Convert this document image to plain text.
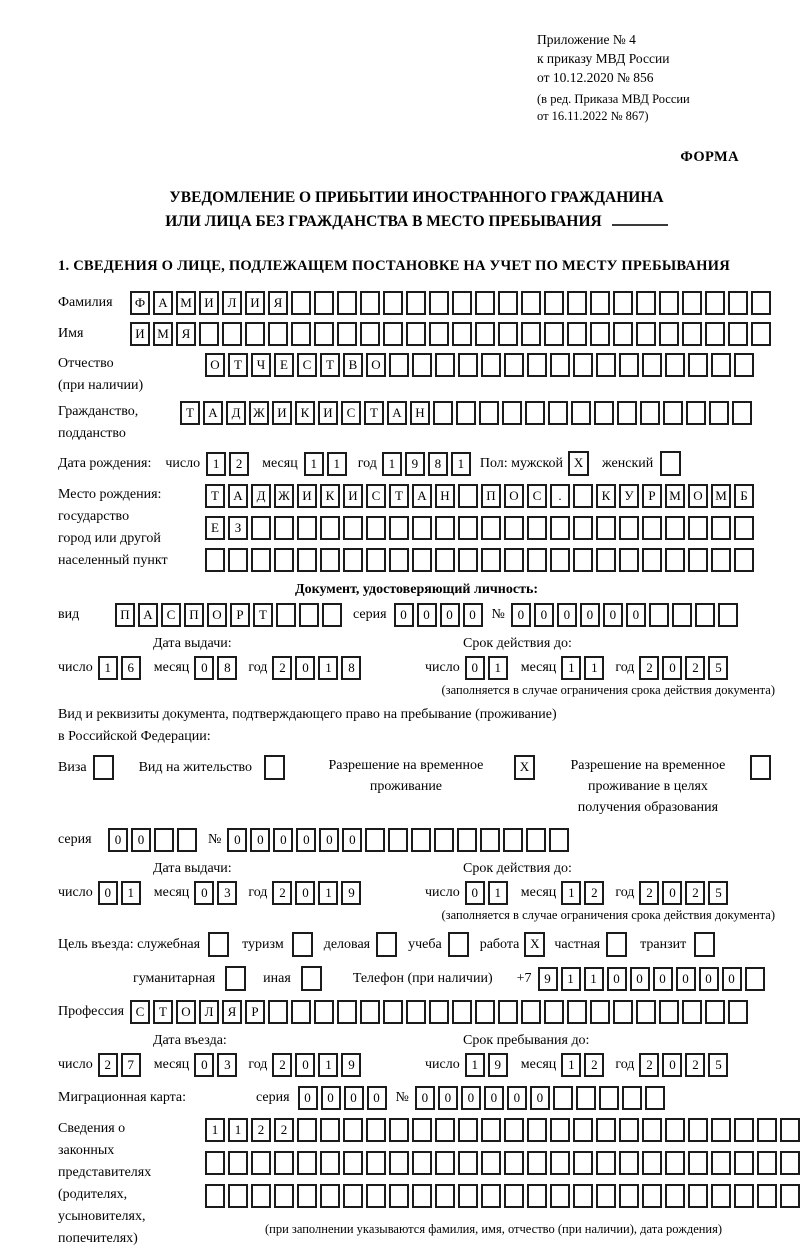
Приложение № 4
к приказу МВД России
от 10.12.2020 № 856
(в ред. Приказа МВД России
от 16.11.2022 № 867)
ФОРМА
УВЕДОМЛЕНИЕ О ПРИБЫТИИ ИНОСТРАННОГО ГРАЖДАНИНА
ИЛИ ЛИЦА БЕЗ ГРАЖДАНСТВА В МЕСТО ПРЕБЫВАНИЯ
1. СВЕДЕНИЯ О ЛИЦЕ, ПОДЛЕЖАЩЕМ ПОСТАНОВКЕ НА УЧЕТ ПО МЕСТУ ПРЕБЫВАНИЯ
Фамилия	Ф	А М И	Л	И	Я
Имя	И М Я
Отчество
(при наличии)
О	Т	Ч	Е	С	Т	В	О
Гражданство,
подданство
Т	А	Д Ж И	К	И	С	Т	А	Н
Дата рождения: число 1	2	месяц 1	1	год 1	9	8	1	Пол: мужской X	женский
Место рождения:
государство
город или другой
населенный пункт
Т	А	Д Ж И	К	И	С	Т	А	Н	П	О	С	.	К	У	Р	М О М	Б
Е	З
Документ, удостоверяющий личность:
вид	П	А	С	П	О	Р	Т	серия	0	0	0	0	№ 0	0	0	0	0	0
Дата выдачи:	Срок действия до:
число 1	6	месяц 0	8	год 2	0	1	8	число 0	1	месяц 1	1	год 2	0	2	5
(заполняется в случае ограничения срока действия документа)
Вид и реквизиты документа, подтверждающего право на пребывание (проживание)
в Российской Федерации:
Виза	Вид на жительство	Разрешение на временное
проживание
X	Разрешение на временное
проживание в целях
получения образования
серия	0	0	№ 0	0	0	0	0	0
Дата выдачи:	Срок действия до:
число 0	1	месяц 0	3	год 2	0	1	9	число 0	1	месяц 1	2	год 2	0	2	5
(заполняется в случае ограничения срока действия документа)
Цель въезда: служебная	туризм	деловая	учеба	работа X	частная	транзит
гуманитарная	иная	Телефон (при наличии) +7 9	1	1	0	0	0	0	0	0
Профессия С	Т	О	Л	Я	Р
Дата въезда:	Срок пребывания до:
число 2	7	месяц 0	3	год 2	0	1	9	число 1	9	месяц 1	2	год 2	0	2	5
Миграционная карта:	серия	0	0	0	0	№ 0	0	0	0	0	0
Сведения о
законных
представителях
(родителях,
усыновителях,
попечителях)
1	1	2	2
(при заполнении указываются фамилия, имя, отчество (при наличии), дата рождения)
